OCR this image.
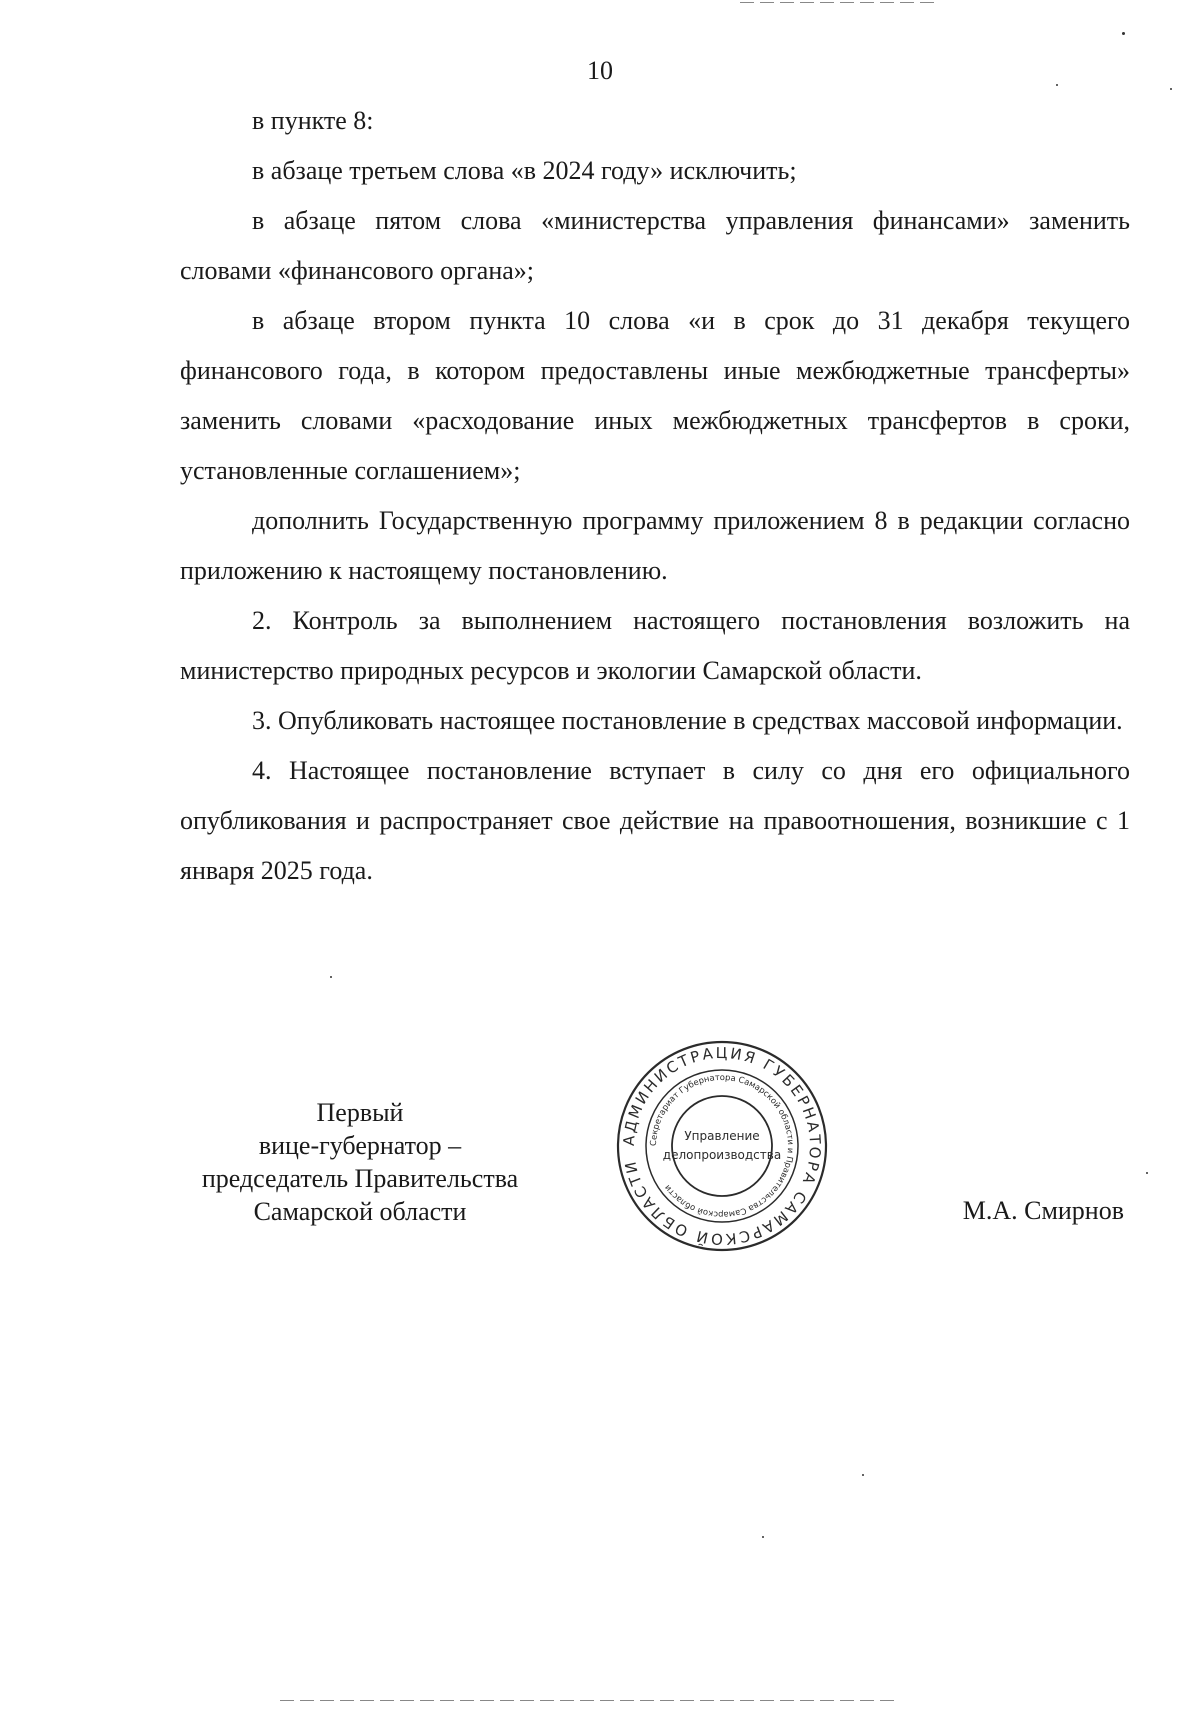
10

в пункте 8:

в абзаце третьем слова «в 2024 году» исключить;

в абзаце пятом слова «министерства управления финансами» заменить словами «финансового органа»;

в абзаце втором пункта 10 слова «и в срок до 31 декабря текущего финансового года, в котором предоставлены иные межбюджетные трансферты» заменить словами «расходование иных межбюджетных трансфертов в сроки, установленные соглашением»;

дополнить Государственную программу приложением 8 в редакции согласно приложению к настоящему постановлению.

2. Контроль за выполнением настоящего постановления возложить на министерство природных ресурсов и экологии Самарской области.

3. Опубликовать настоящее постановление в средствах массовой информации.

4. Настоящее постановление вступает в силу со дня его официального опубликования и распространяет свое действие на правоотношения, возникшие с 1 января 2025 года.

Первый
вице-губернатор –
председатель Правительства
Самарской области
АДМИНИСТРАЦИЯ ГУБЕРНАТОРА САМАРСКОЙ ОБЛАСТИ
Секретариат Губернатора Самарской области и Правительства Самарской области
Управление
делопроизводства
М.А. Смирнов
